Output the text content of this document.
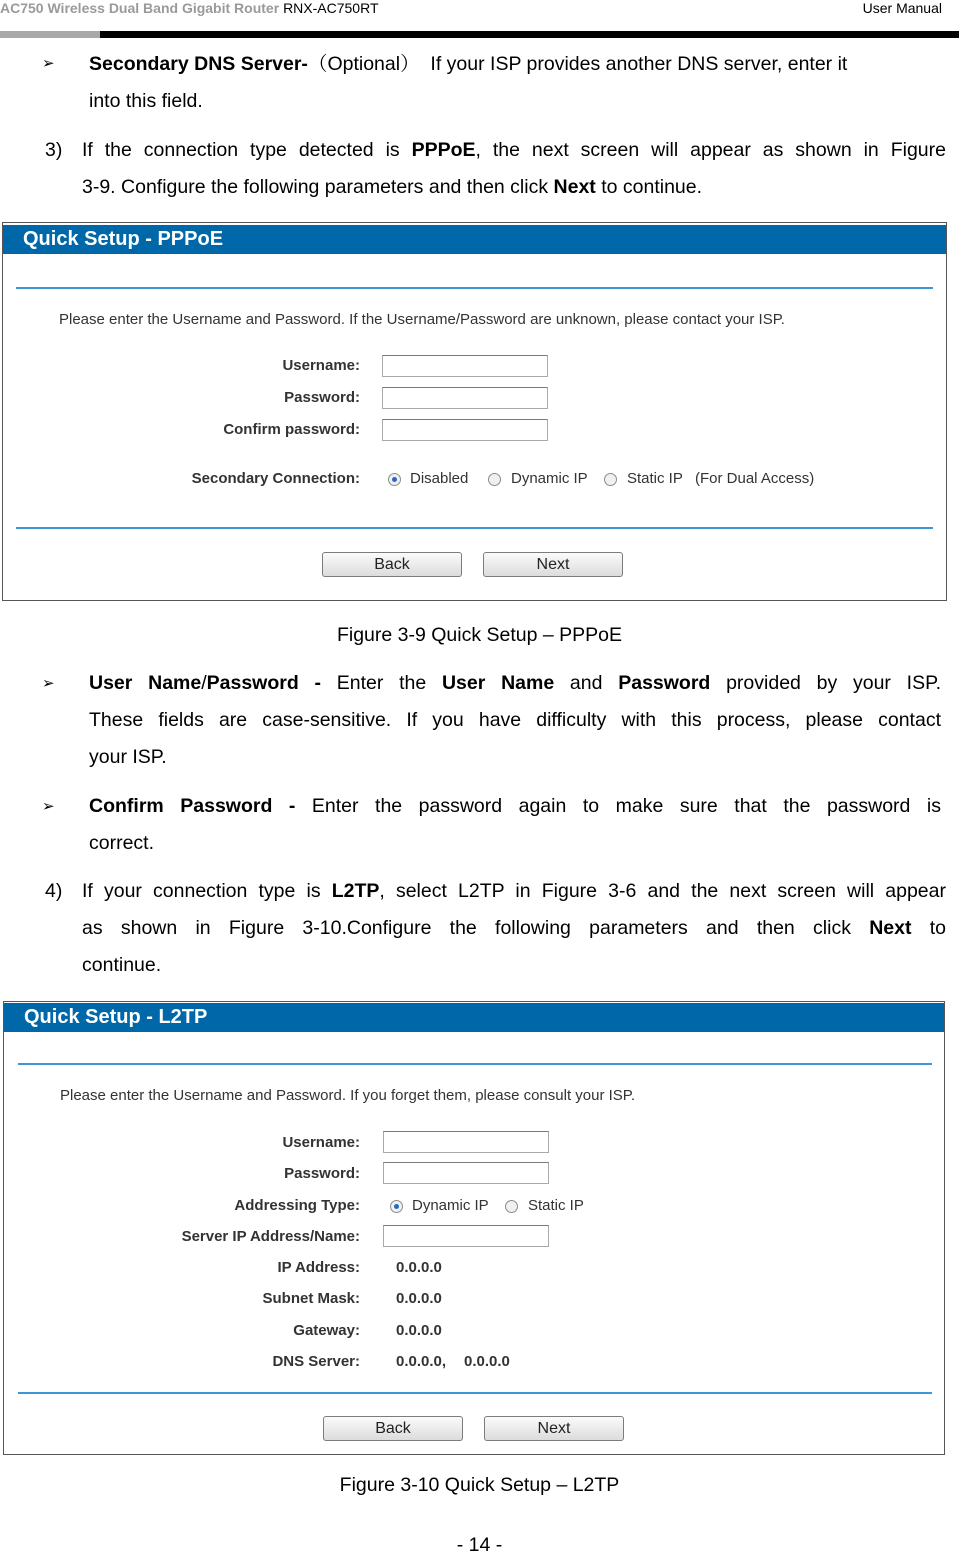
AC750 Wireless Dual Band Gigabit Router RNX-AC750RT	User Manual
➢ Secondary DNS Server-（Optional） If your ISP provides another DNS server, enter it
into this field.
3) If the connection type detected is PPPoE, the next screen will appear as shown in Figure
3-9. Configure the following parameters and then click Next to continue.
Quick Setup - PPPoE
Please enter the Username and Password. If the Username/Password are unknown, please contact your ISP.
Username:
Password:
Confirm password:
Secondary Connection:	Disabled	Dynamic IP	Static IP (For Dual Access)
Back	Next
Figure 3-9 Quick Setup – PPPoE
➢ User Name/Password - Enter the User Name and Password provided by your ISP.
These fields are case-sensitive. If you have difficulty with this process, please contact
your ISP.
➢ Confirm Password - Enter the password again to make sure that the password is
correct.
4) If your connection type is L2TP, select L2TP in Figure 3-6 and the next screen will appear
as shown in Figure 3-10.Configure the following parameters and then click Next to
continue.
Quick Setup - L2TP
Please enter the Username and Password. If you forget them, please consult your ISP.
Username:
Password:
Addressing Type:	Dynamic IP	Static IP
Server IP Address/Name:
IP Address: 0.0.0.0
Subnet Mask: 0.0.0.0
Gateway: 0.0.0.0
DNS Server: 0.0.0.0, 0.0.0.0
Back	Next
Figure 3-10 Quick Setup – L2TP
- 14 -
